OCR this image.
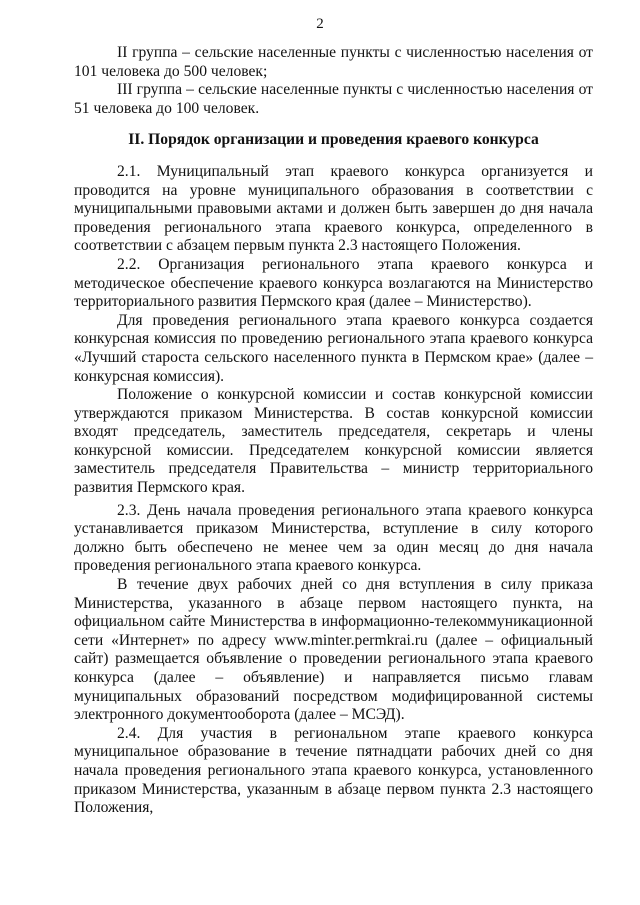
2

II группа – сельские населенные пункты с численностью населения от 101 человека до 500 человек;

III группа – сельские населенные пункты с численностью населения от 51 человека до 100 человек.

II. Порядок организации и проведения краевого конкурса

2.1. Муниципальный этап краевого конкурса организуется и проводится на уровне муниципального образования в соответствии с муниципальными правовыми актами и должен быть завершен до дня начала проведения регионального этапа краевого конкурса, определенного в соответствии с абзацем первым пункта 2.3 настоящего Положения.

2.2. Организация регионального этапа краевого конкурса и методическое обеспечение краевого конкурса возлагаются на Министерство территориального развития Пермского края (далее – Министерство).

Для проведения регионального этапа краевого конкурса создается конкурсная комиссия по проведению регионального этапа краевого конкурса «Лучший староста сельского населенного пункта в Пермском крае» (далее – конкурсная комиссия).

Положение о конкурсной комиссии и состав конкурсной комиссии утверждаются приказом Министерства. В состав конкурсной комиссии входят председатель, заместитель председателя, секретарь и члены конкурсной комиссии. Председателем конкурсной комиссии является заместитель председателя Правительства – министр территориального развития Пермского края.

2.3. День начала проведения регионального этапа краевого конкурса устанавливается приказом Министерства, вступление в силу которого должно быть обеспечено не менее чем за один месяц до дня начала проведения регионального этапа краевого конкурса.

В течение двух рабочих дней со дня вступления в силу приказа Министерства, указанного в абзаце первом настоящего пункта, на официальном сайте Министерства в информационно-телекоммуникационной сети «Интернет» по адресу www.minter.permkrai.ru (далее – официальный сайт) размещается объявление о проведении регионального этапа краевого конкурса (далее – объявление) и направляется письмо главам муниципальных образований посредством модифицированной системы электронного документооборота (далее – МСЭД).

2.4. Для участия в региональном этапе краевого конкурса муниципальное образование в течение пятнадцати рабочих дней со дня начала проведения регионального этапа краевого конкурса, установленного приказом Министерства, указанным в абзаце первом пункта 2.3 настоящего Положения,
